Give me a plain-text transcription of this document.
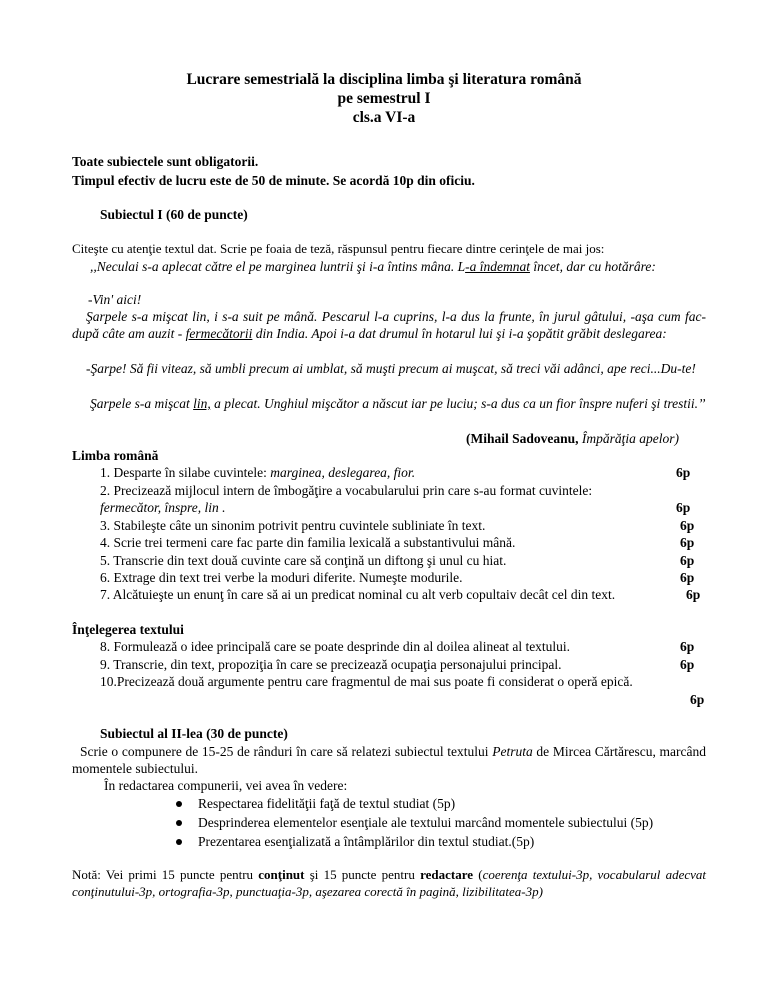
Lucrare semestrială la disciplina limba şi literatura română
pe semestrul I
cls.a VI-a
Toate subiectele sunt obligatorii.
Timpul efectiv de lucru este de 50 de minute. Se acordă 10p din oficiu.
Subiectul I (60 de puncte)
Citeşte cu atenţie textul dat. Scrie pe foaia de teză, răspunsul pentru fiecare dintre cerinţele de mai jos:
,,Neculai s-a aplecat către el pe marginea luntrii şi i-a întins mâna. L-a îndemnat încet, dar cu hotărâre:
-Vin' aici!
Şarpele s-a mişcat lin, i s-a suit pe mână. Pescarul l-a cuprins, l-a dus la frunte, în jurul gâtului, -aşa cum fac- după câte am auzit - fermecătorii din India. Apoi i-a dat drumul în hotarul lui şi i-a şopătit grăbit deslegarea:
-Şarpe! Să fii viteaz, să umbli precum ai umblat, să muşti precum ai muşcat, să treci văi adânci, ape reci...Du-te!
Şarpele s-a mişcat lin, a plecat. Unghiul mişcător a născut iar pe luciu; s-a dus ca un fior înspre nuferi şi trestii.’’
(Mihail Sadoveanu, Împărăţia apelor)
Limba română
1. Desparte în silabe cuvintele: marginea, deslegarea, fior.	6p
2. Precizează mijlocul intern de îmbogăţire a vocabularului prin care s-au format cuvintele:
fermecător, înspre, lin .	6p
3. Stabileşte câte un sinonim potrivit pentru cuvintele subliniate în text.	6p
4. Scrie trei termeni care fac parte din familia lexicală a substantivului mână.	6p
5. Transcrie din text două cuvinte care să conţină un diftong şi unul cu hiat.	6p
6. Extrage din text trei verbe la moduri diferite. Numeşte modurile.	6p
7. Alcătuieşte un enunţ în care să ai un predicat nominal cu alt verb copultaiv decât cel din text.	6p
Înţelegerea textului
8. Formulează o idee principală care se poate desprinde din al doilea alineat al textului.	6p
9. Transcrie, din text, propoziţia în care se precizează ocupaţia personajului principal.	6p
10.Precizează două argumente pentru care fragmentul de mai sus poate fi considerat o operă epică.
6p
Subiectul al II-lea (30 de puncte)
Scrie o compunere de 15-25 de rânduri în care să relatezi subiectul textului Petruta de Mircea Cărtărescu, marcând momentele subiectului.
În redactarea compunerii, vei avea în vedere:
Respectarea fidelităţii faţă de textul studiat (5p)
Desprinderea elementelor esenţiale ale textului marcând momentele subiectului (5p)
Prezentarea esenţializată a întâmplărilor din textul studiat.(5p)
Notă: Vei primi 15 puncte pentru conţinut şi 15 puncte pentru redactare (coerenţa textului-3p, vocabularul adecvat conţinutului-3p, ortografia-3p, punctuaţia-3p, aşezarea corectă în pagină, lizibilitatea-3p)
